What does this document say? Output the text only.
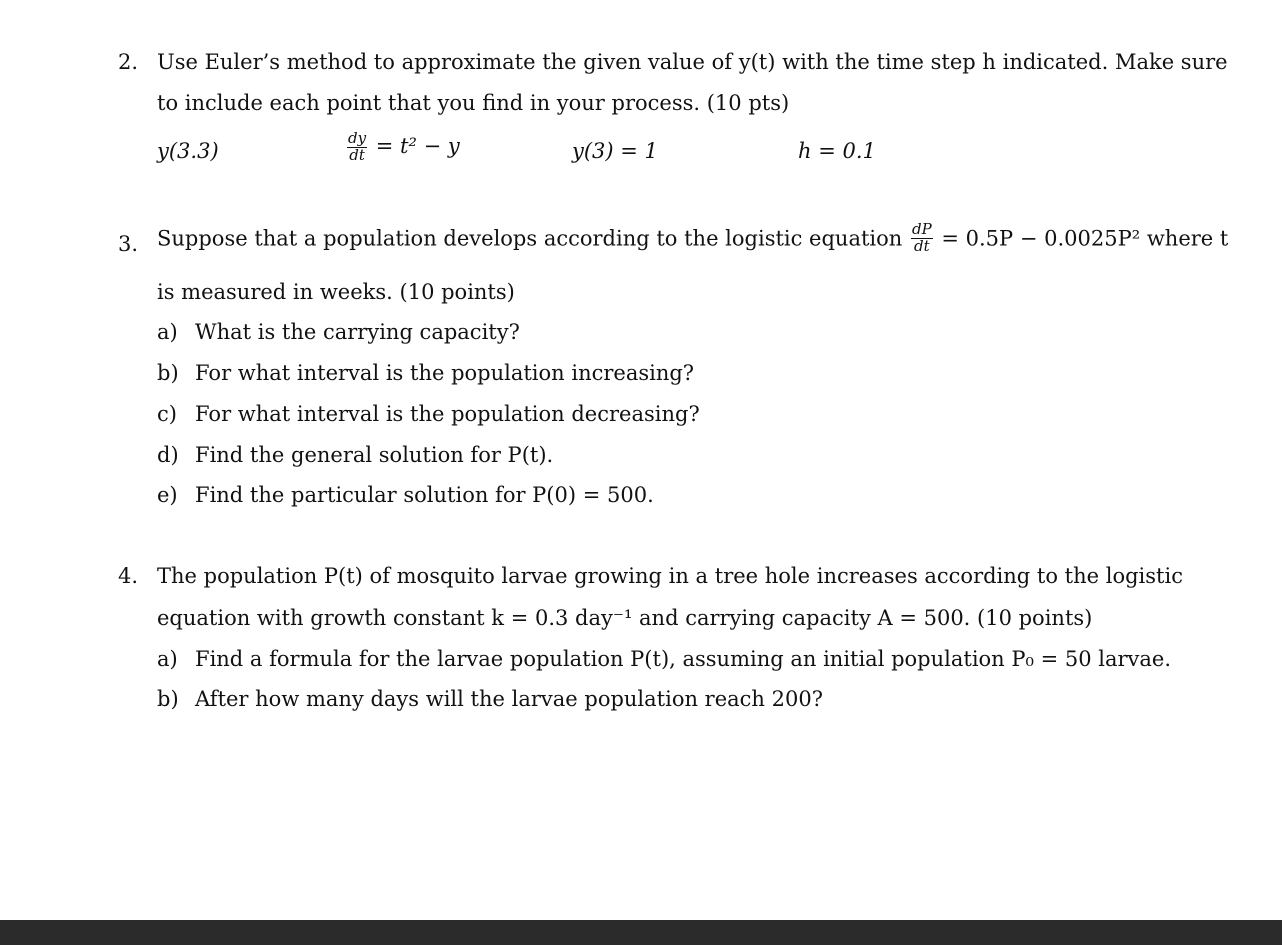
2. Use Euler’s method to approximate the given value of y(t) with the time step h indicated. Make sure
to include each point that you find in your process. (10 pts)
y(3.3)	$\frac{dy}{dt} = t^2 - y$	y(3) = 1	h = 0.1
3. Suppose that a population develops according to the logistic equation $\frac{dP}{dt} = 0.5P - 0.0025P^2$ where t
is measured in weeks. (10 points)
a) What is the carrying capacity?
b) For what interval is the population increasing?
c) For what interval is the population decreasing?
d) Find the general solution for P(t).
e) Find the particular solution for P(0) = 500.
4. The population P(t) of mosquito larvae growing in a tree hole increases according to the logistic
equation with growth constant k = 0.3 day⁻¹ and carrying capacity A = 500. (10 points)
a) Find a formula for the larvae population P(t), assuming an initial population P₀ = 50 larvae.
b) After how many days will the larvae population reach 200?
